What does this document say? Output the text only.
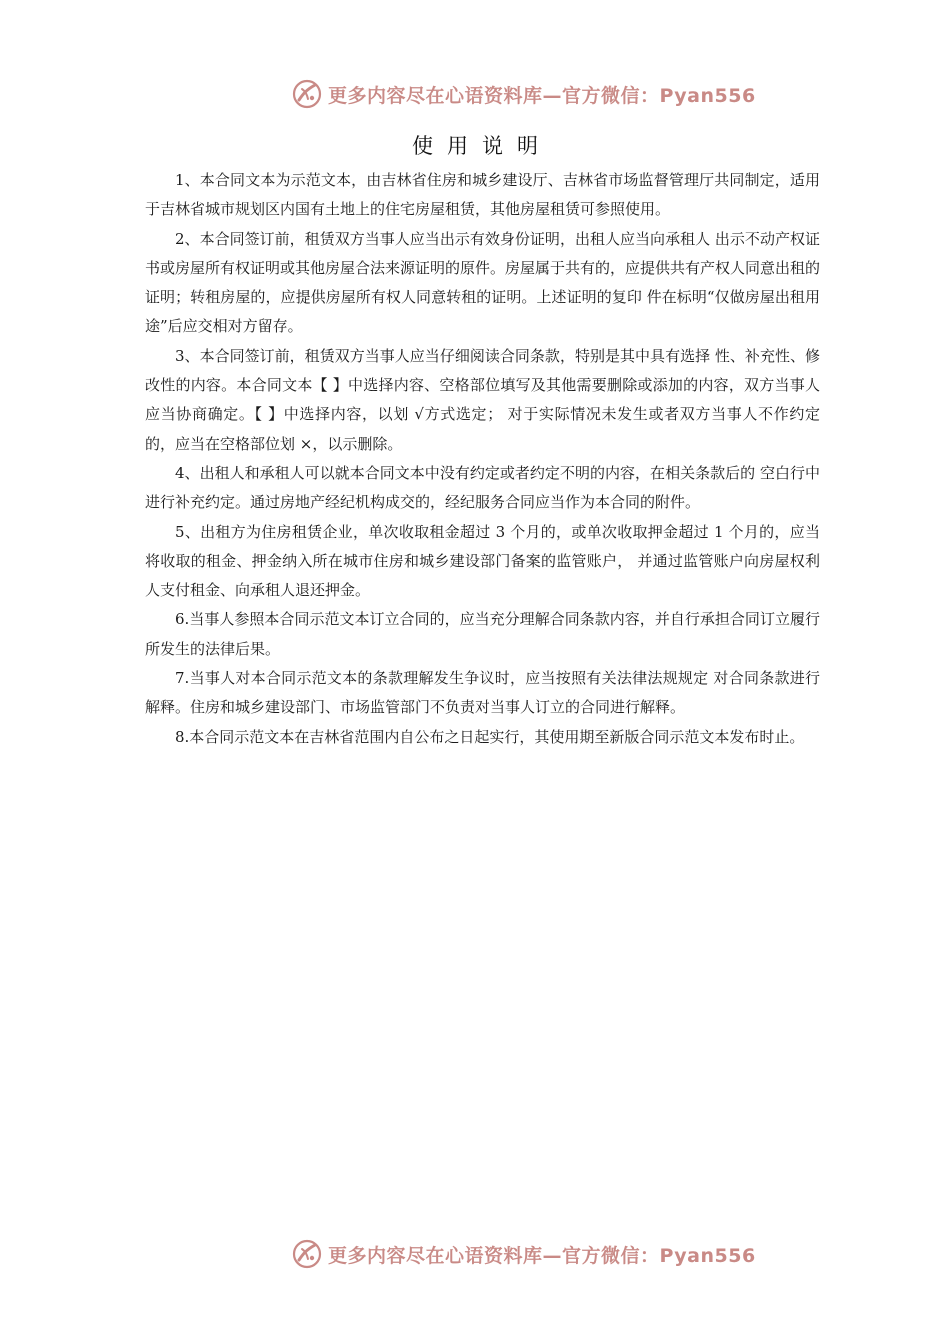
更多内容尽在心语资料库—官方微信：Pyan556
使用说明

1、本合同文本为示范文本，由吉林省住房和城乡建设厅、吉林省市场监督管理厅共同制定，适用于吉林省城市规划区内国有土地上的住宅房屋租赁，其他房屋租赁可参照使用。

2、本合同签订前，租赁双方当事人应当出示有效身份证明，出租人应当向承租人 出示不动产权证书或房屋所有权证明或其他房屋合法来源证明的原件。房屋属于共有的，应提供共有产权人同意出租的证明；转租房屋的，应提供房屋所有权人同意转租的证明。上述证明的复印 件在标明“仅做房屋出租用途”后应交相对方留存。

3、本合同签订前，租赁双方当事人应当仔细阅读合同条款，特别是其中具有选择 性、补充性、修改性的内容。本合同文本【 】中选择内容、空格部位填写及其他需要删除或添加的内容，双方当事人应当协商确定。【 】中选择内容，以划 √方式选定； 对于实际情况未发生或者双方当事人不作约定的，应当在空格部位划 ×，以示删除。

4、出租人和承租人可以就本合同文本中没有约定或者约定不明的内容，在相关条款后的 空白行中进行补充约定。通过房地产经纪机构成交的，经纪服务合同应当作为本合同的附件。

5、出租方为住房租赁企业，单次收取租金超过 3 个月的，或单次收取押金超过 1 个月的，应当将收取的租金、押金纳入所在城市住房和城乡建设部门备案的监管账户， 并通过监管账户向房屋权利人支付租金、向承租人退还押金。

6.当事人参照本合同示范文本订立合同的，应当充分理解合同条款内容，并自行承担合同订立履行所发生的法律后果。

7.当事人对本合同示范文本的条款理解发生争议时，应当按照有关法律法规规定 对合同条款进行解释。住房和城乡建设部门、市场监管部门不负责对当事人订立的合同进行解释。

8.本合同示范文本在吉林省范围内自公布之日起实行，其使用期至新版合同示范文本发布时止。

更多内容尽在心语资料库—官方微信：Pyan556
